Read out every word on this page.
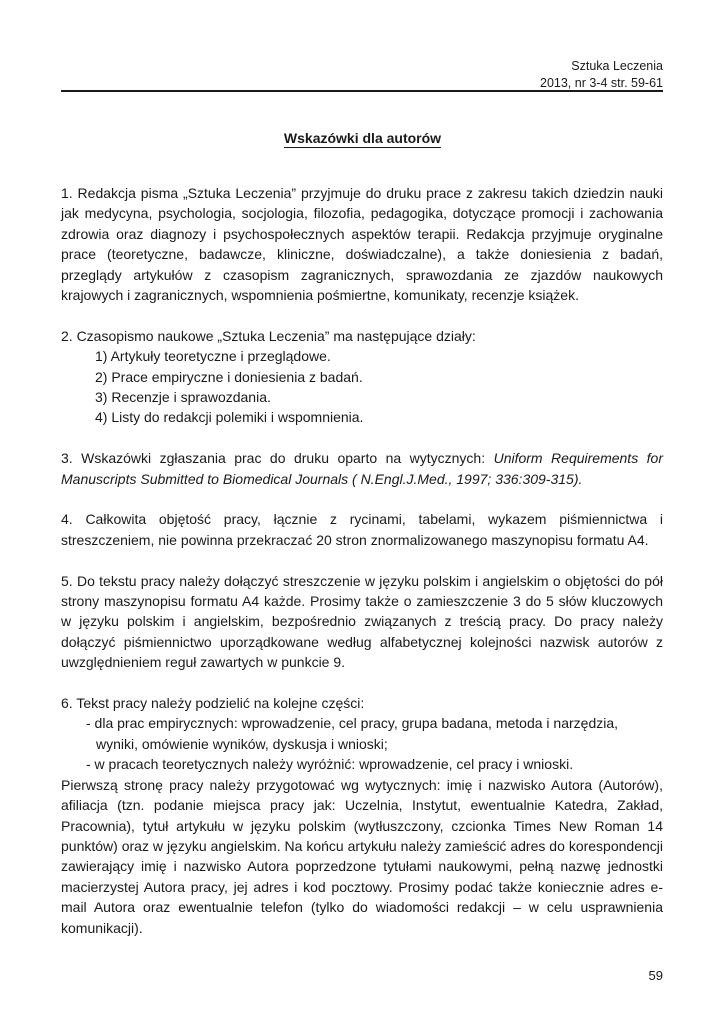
Sztuka Leczenia
2013, nr 3-4 str. 59-61
Wskazówki dla autorów

1. Redakcja pisma „Sztuka Leczenia” przyjmuje do druku prace z zakresu takich dziedzin nauki jak medycyna, psychologia, socjologia, filozofia, pedagogika, dotyczące promocji i zachowania zdrowia oraz diagnozy i psychospołecznych aspektów terapii. Redakcja przyjmuje oryginalne prace (teoretyczne, badawcze, kliniczne, doświadczalne), a także doniesienia z badań, przeglądy artykułów z czasopism zagranicznych, sprawozdania ze zjazdów naukowych krajowych i zagranicznych, wspomnienia pośmiertne, komunikaty, recenzje książek.

2. Czasopismo naukowe „Sztuka Leczenia” ma następujące działy:

1) Artykuły teoretyczne i przeglądowe.

2) Prace empiryczne i doniesienia z badań.

3) Recenzje i sprawozdania.

4) Listy do redakcji polemiki i wspomnienia.

3. Wskazówki zgłaszania prac do druku oparto na wytycznych: Uniform Requirements for Manuscripts Submitted to Biomedical Journals ( N.Engl.J.Med., 1997; 336:309-315).

4. Całkowita objętość pracy, łącznie z rycinami, tabelami, wykazem piśmiennictwa i streszczeniem, nie powinna przekraczać 20 stron znormalizowanego maszynopisu formatu A4.

5. Do tekstu pracy należy dołączyć streszczenie w języku polskim i angielskim o objętości do pół strony maszynopisu formatu A4 każde. Prosimy także o zamieszczenie 3 do 5 słów kluczowych w języku polskim i angielskim, bezpośrednio związanych z treścią pracy. Do pracy należy dołączyć piśmiennictwo uporządkowane według alfabetycznej kolejności nazwisk autorów z uwzględnieniem reguł zawartych w punkcie 9.

6. Tekst pracy należy podzielić na kolejne części:

- dla prac empirycznych: wprowadzenie, cel pracy, grupa badana, metoda i narzędzia,

wyniki, omówienie wyników, dyskusja i wnioski;

- w pracach teoretycznych należy wyróżnić: wprowadzenie, cel pracy i wnioski.

Pierwszą stronę pracy należy przygotować wg wytycznych: imię i nazwisko Autora (Autorów), afiliacja (tzn. podanie miejsca pracy jak: Uczelnia, Instytut, ewentualnie Katedra, Zakład, Pracownia), tytuł artykułu w języku polskim (wytłuszczony, czcionka Times New Roman 14 punktów) oraz w języku angielskim. Na końcu artykułu należy zamieścić adres do korespondencji zawierający imię i nazwisko Autora poprzedzone tytułami naukowymi, pełną nazwę jednostki macierzystej Autora pracy, jej adres i kod pocztowy. Prosimy podać także koniecznie adres e-mail Autora oraz ewentualnie telefon (tylko do wiadomości redakcji – w celu usprawnienia komunikacji).

59
